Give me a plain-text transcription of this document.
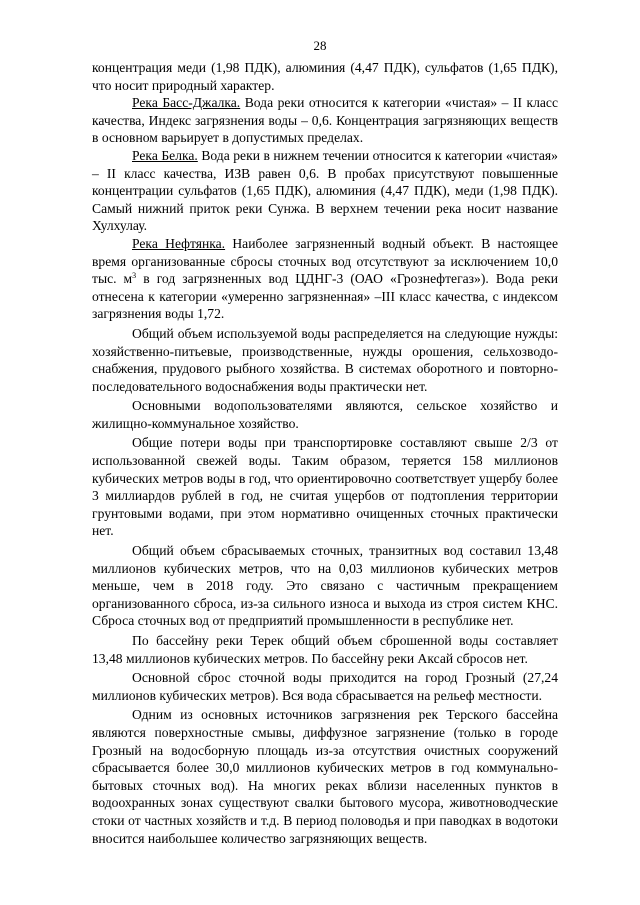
28

концентрация меди (1,98 ПДК), алюминия (4,47 ПДК), сульфатов (1,65 ПДК), что носит природный характер.

Река Басс-Джалка. Вода реки относится к категории «чистая» – II класс качества, Индекс загрязнения воды – 0,6. Концентрация загрязняющих веществ в основном варьирует в допустимых пределах.

Река Белка. Вода реки в нижнем течении относится к категории «чистая» – II класс качества, ИЗВ равен 0,6. В пробах присутствуют повышенные концентрации сульфатов (1,65 ПДК), алюминия (4,47 ПДК), меди (1,98 ПДК). Самый нижний приток реки Сунжа. В верхнем течении река носит название Хулхулау.

Река Нефтянка. Наиболее загрязненный водный объект. В настоящее время организованные сбросы сточных вод отсутствуют за исключением 10,0 тыс. $м^3$ в год загрязненных вод ЦДНГ-3 (ОАО «Грознефтегаз»). Вода реки отнесена к категории «умеренно загрязненная» –III класс качества, с индексом загрязнения воды 1,72.

Общий объем используемой воды распределяется на следующие нужды: хозяйственно-питьевые, производственные, нужды орошения, сельхозводо-снабжения, прудового рыбного хозяйства. В системах оборотного и повторно-последовательного водоснабжения воды практически нет.

Основными водопользователями являются, сельское хозяйство и жилищно-коммунальное хозяйство.

Общие потери воды при транспортировке составляют свыше 2/3 от использованной свежей воды. Таким образом, теряется 158 миллионов кубических метров воды в год, что ориентировочно соответствует ущербу более 3 миллиардов рублей в год, не считая ущербов от подтопления территории грунтовыми водами, при этом нормативно очищенных сточных практически нет.

Общий объем сбрасываемых сточных, транзитных вод составил 13,48 миллионов кубических метров, что на 0,03 миллионов кубических метров меньше, чем в 2018 году. Это связано с частичным прекращением организованного сброса, из-за сильного износа и выхода из строя систем КНС. Сброса сточных вод от предприятий промышленности в республике нет.

По бассейну реки Терек общий объем сброшенной воды составляет 13,48 миллионов кубических метров. По бассейну реки Аксай сбросов нет.

Основной сброс сточной воды приходится на город Грозный (27,24 миллионов кубических метров). Вся вода сбрасывается на рельеф местности.

Одним из основных источников загрязнения рек Терского бассейна являются поверхностные смывы, диффузное загрязнение (только в городе Грозный на водосборную площадь из-за отсутствия очистных сооружений сбрасывается более 30,0 миллионов кубических метров в год коммунально-бытовых сточных вод). На многих реках вблизи населенных пунктов в водоохранных зонах существуют свалки бытового мусора, животноводческие стоки от частных хозяйств и т.д. В период половодья и при паводках в водотоки вносится наибольшее количество загрязняющих веществ.
